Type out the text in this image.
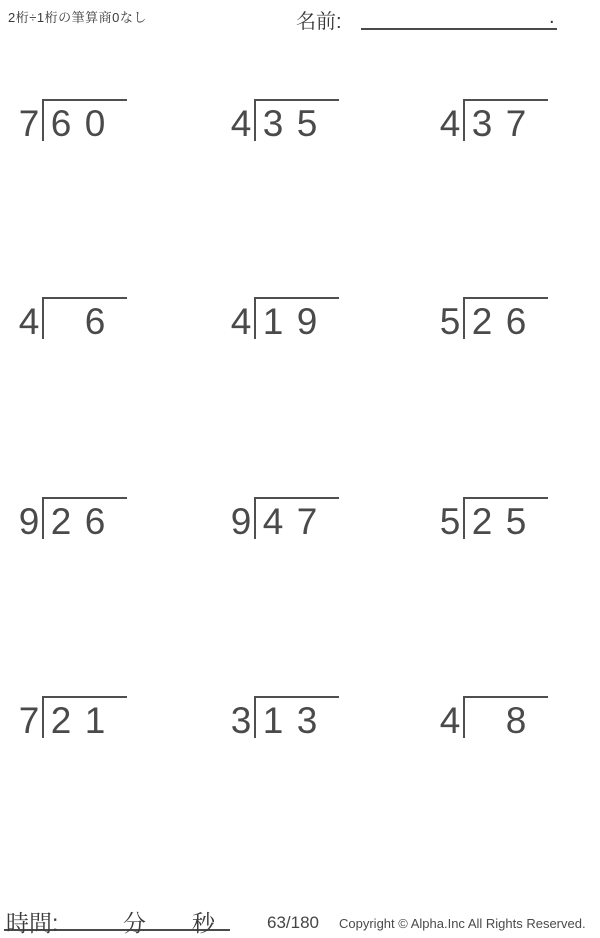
2桁÷1桁の筆算商0なし	名前:	.
7 6 0	4 3 5	4 3 7
4 6	4 1 9	5 2 6
9 2 6	9 4 7	5 2 5
7 2 1	3 1 3	4 8
時間:	分 秒	63/180 Copyright © Alpha.Inc All Rights Reserved.
